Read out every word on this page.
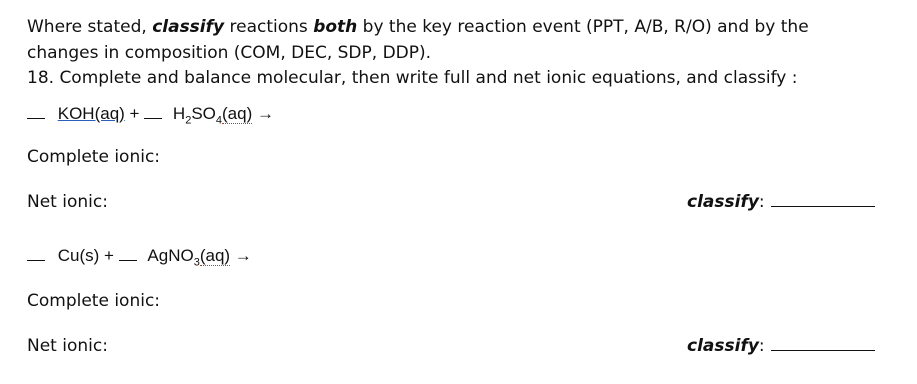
Where stated, classify reactions both by the key reaction event (PPT, A/B, R/O) and by the
changes in composition (COM, DEC, SDP, DDP).
18. Complete and balance molecular, then write full and net ionic equations, and classify :
$KOH(aq) + H_2SO_4(aq)$ →
Complete ionic:
Net ionic:	classify:
Cu(s) +  AgNO$_3$(aq) →
Complete ionic:
Net ionic:	classify:
